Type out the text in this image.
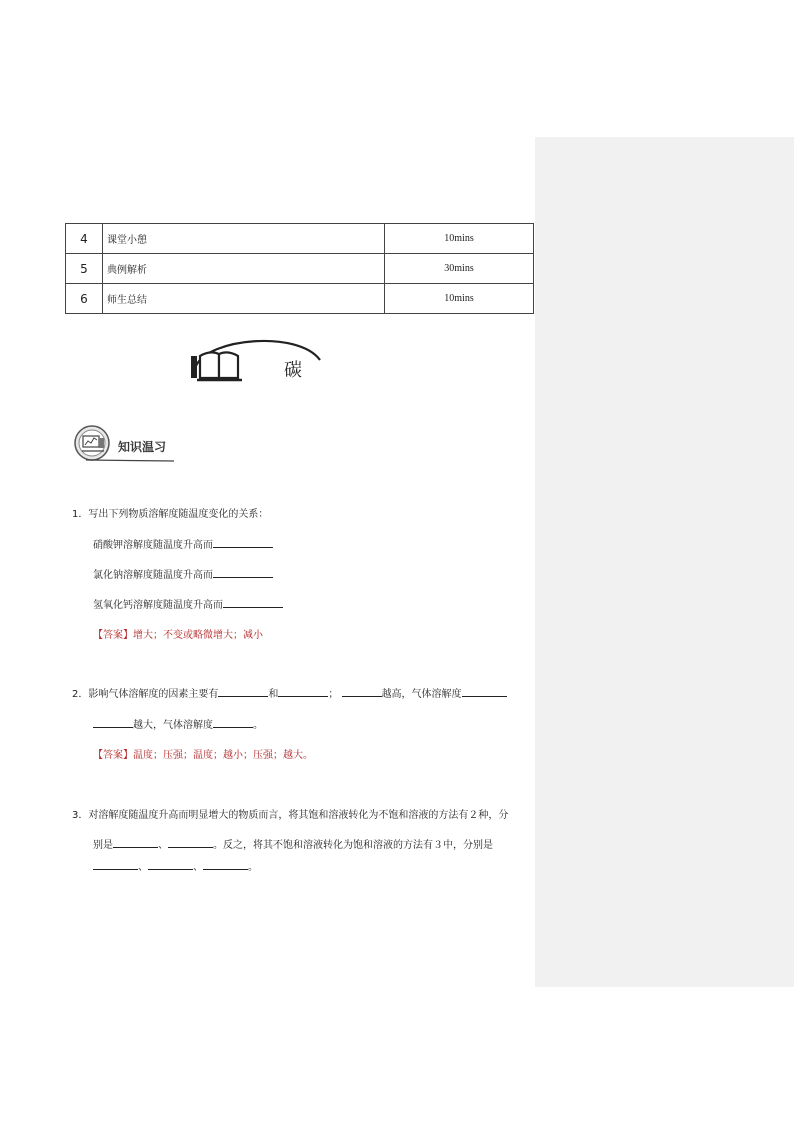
4	课堂小憩	10mins
5	典例解析	30mins
6	师生总结	10mins
碳
知识温习
1．写出下列物质溶解度随温度变化的关系：
硝酸钾溶解度随温度升高而
氯化钠溶解度随温度升高而
氢氧化钙溶解度随温度升高而
【答案】增大；不变或略微增大；减小
2．影响气体溶解度的因素主要有	和	；	越高，气体溶解度
越大，气体溶解度	。
【答案】温度；压强；温度；越小；压强；越大。
3．对溶解度随温度升高而明显增大的物质而言，将其饱和溶液转化为不饱和溶液的方法有２种，分
别是	、	。反之，将其不饱和溶液转化为饱和溶液的方法有３中，分别是
、	、	。
